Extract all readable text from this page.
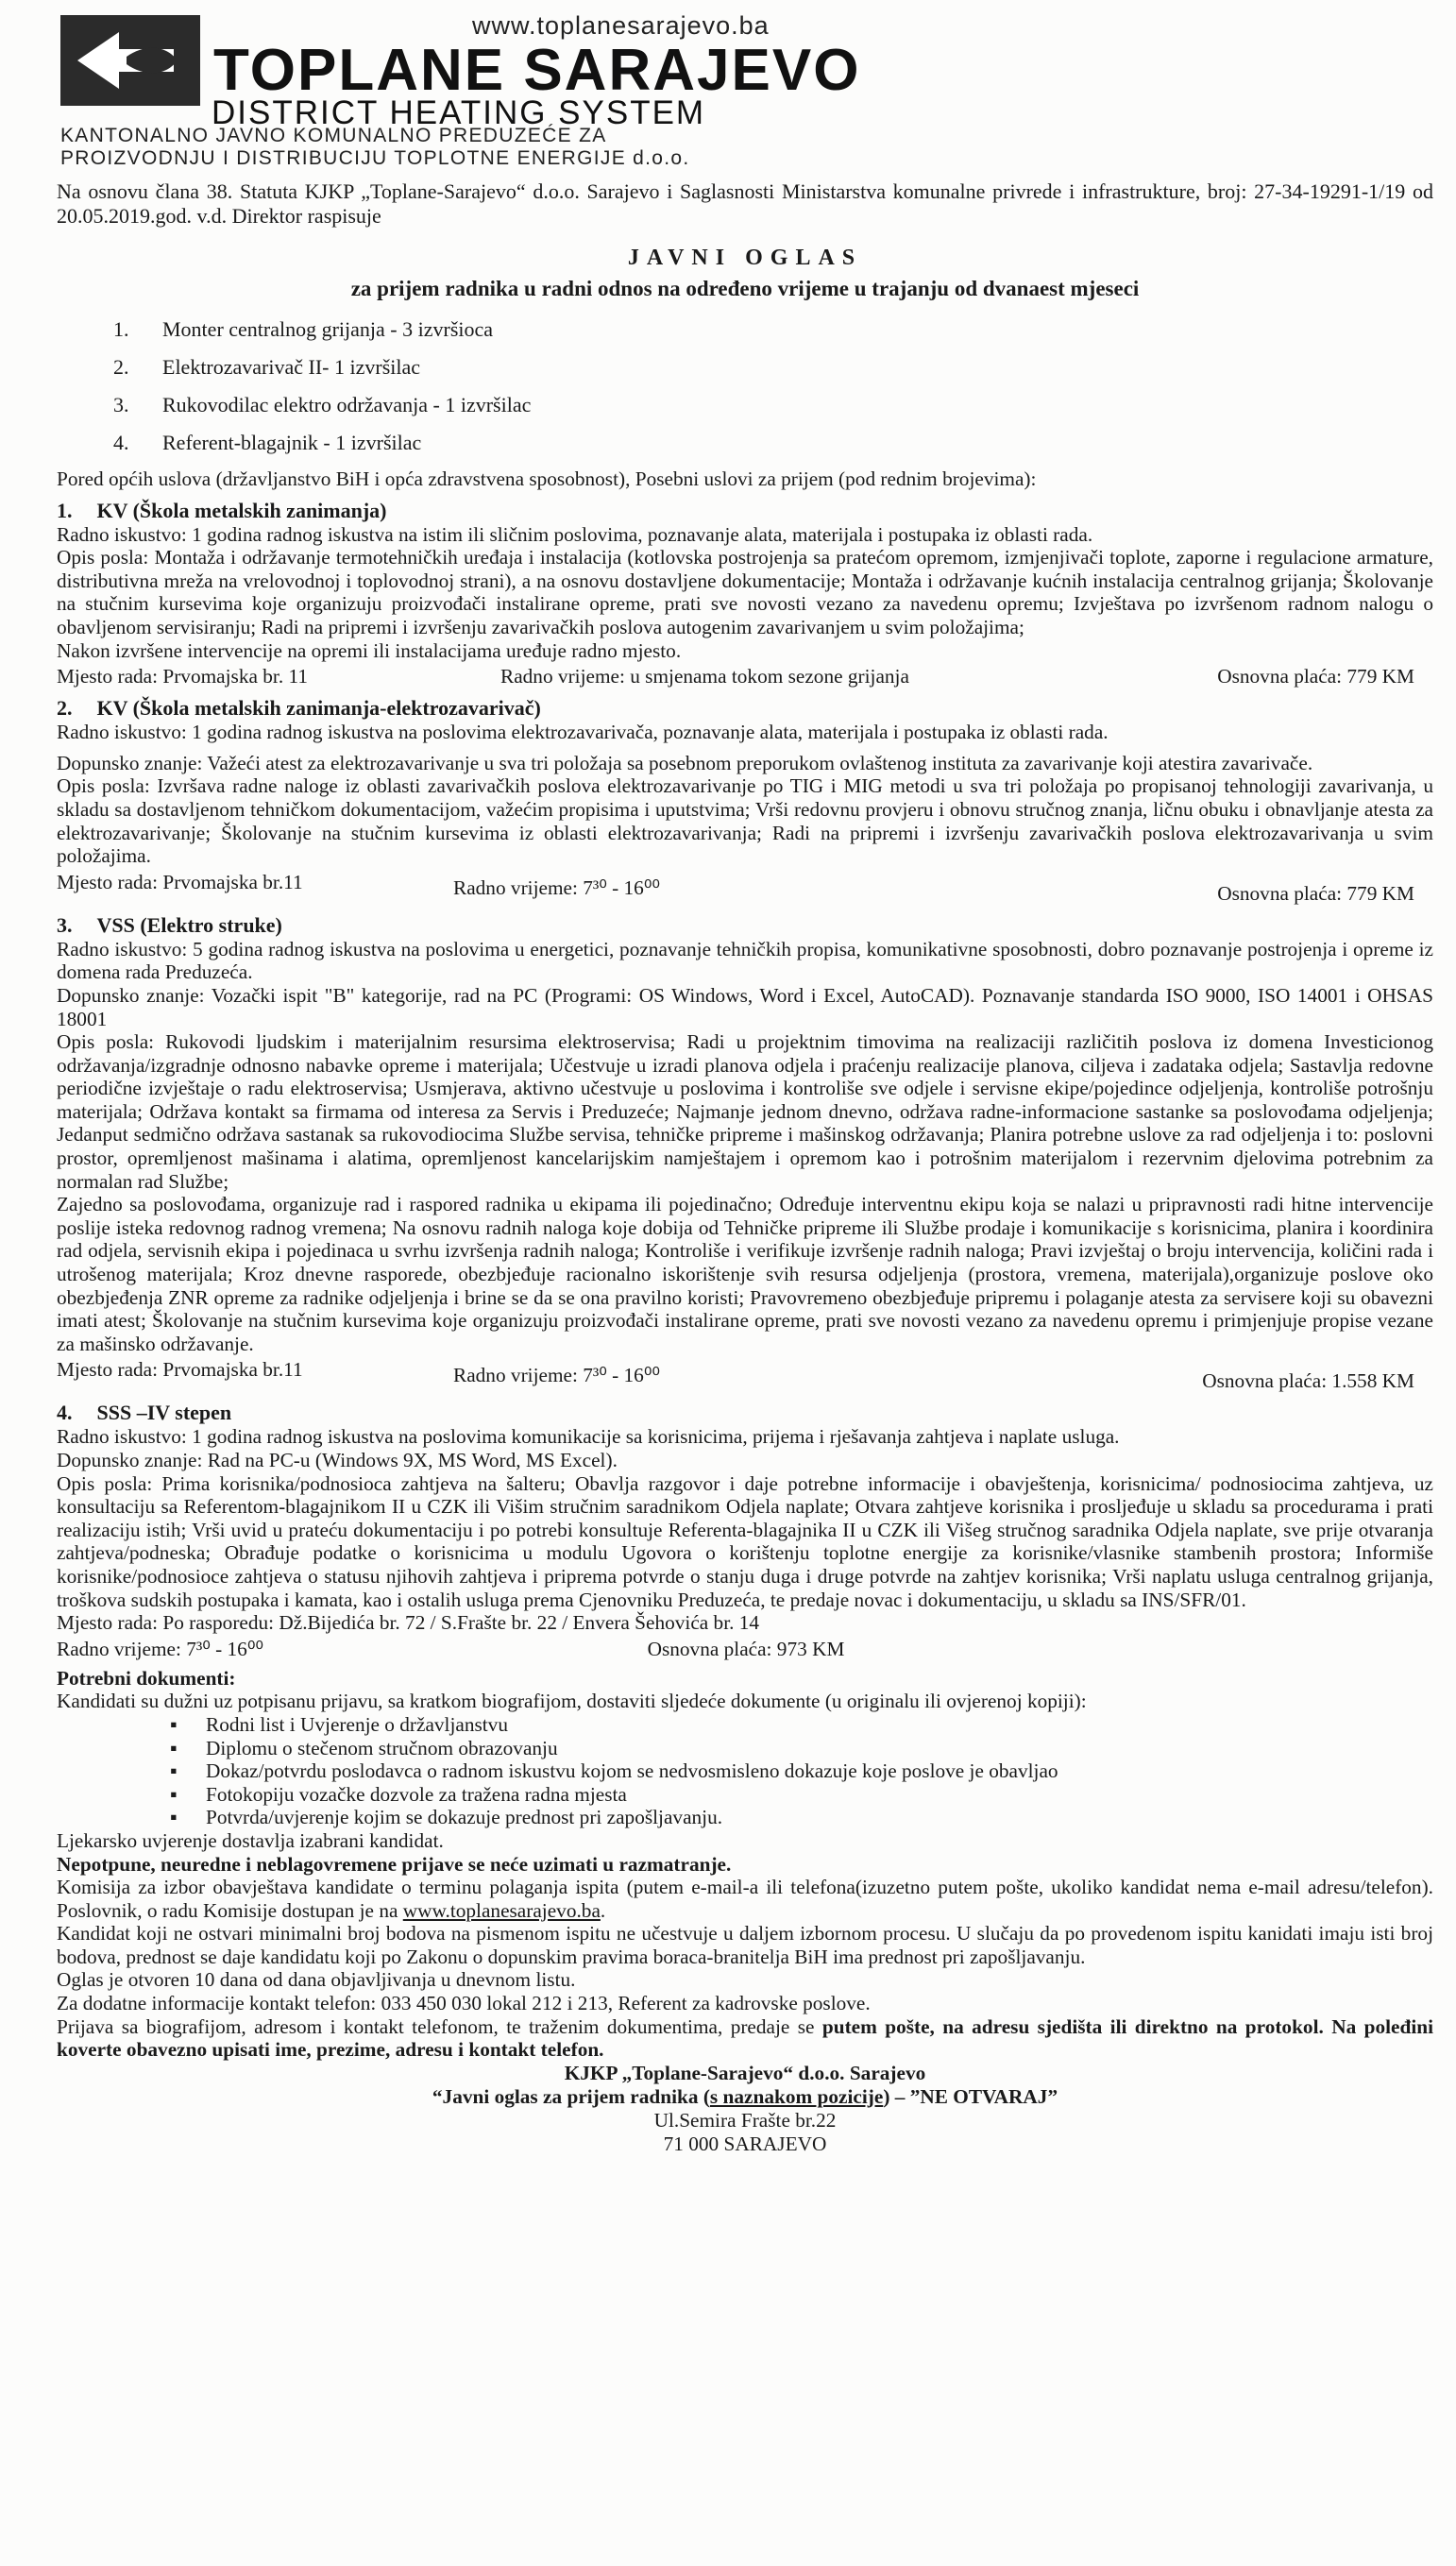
www.toplanesarajevo.ba
TOPLANE SARAJEVO
DISTRICT HEATING SYSTEM
KANTONALNO JAVNO KOMUNALNO PREDUZEĆE ZA
PROIZVODNJU I DISTRIBUCIJU TOPLOTNE ENERGIJE d.o.o.

Na osnovu člana 38. Statuta KJKP „Toplane-Sarajevo“ d.o.o. Sarajevo i Saglasnosti Ministarstva komunalne privrede i infrastrukture, broj: 27-34-19291-1/19 od 20.05.2019.god. v.d. Direktor raspisuje

JAVNI OGLAS
za prijem radnika u radni odnos na određeno vrijeme u trajanju od dvanaest mjeseci
1.	Monter centralnog grijanja - 3 izvršioca
2.	Elektrozavarivač II- 1 izvršilac
3.	Rukovodilac elektro održavanja - 1 izvršilac
4.	Referent-blagajnik - 1 izvršilac

Pored općih uslova (državljanstvo BiH i opća zdravstvena sposobnost), Posebni uslovi za prijem (pod rednim brojevima):

1. KV (Škola metalskih zanimanja)

Radno iskustvo: 1 godina radnog iskustva na istim ili sličnim poslovima, poznavanje alata, materijala i postupaka iz oblasti rada.

Opis posla: Montaža i održavanje termotehničkih uređaja i instalacija (kotlovska postrojenja sa pratećom opremom, izmjenjivači toplote, zaporne i regulacione armature, distributivna mreža na vrelovodnoj i toplovodnoj strani), a na osnovu dostavljene dokumentacije; Montaža i održavanje kućnih instalacija centralnog grijanja; Školovanje na stučnim kursevima koje organizuju proizvođači instalirane opreme, prati sve novosti vezano za navedenu opremu; Izvještava po izvršenom radnom nalogu o obavljenom servisiranju; Radi na pripremi i izvršenju zavarivačkih poslova autogenim zavarivanjem u svim položajima;

Nakon izvršene intervencije na opremi ili instalacijama uređuje radno mjesto.

Mjesto rada: Prvomajska br. 11	Radno vrijeme: u smjenama tokom sezone grijanja	Osnovna plaća: 779 KM
2. KV (Škola metalskih zanimanja-elektrozavarivač)

Radno iskustvo: 1 godina radnog iskustva na poslovima elektrozavarivača, poznavanje alata, materijala i postupaka iz oblasti rada.

Dopunsko znanje: Važeći atest za elektrozavarivanje u sva tri položaja sa posebnom preporukom ovlaštenog instituta za zavarivanje koji atestira zavarivače.

Opis posla: Izvršava radne naloge iz oblasti zavarivačkih poslova elektrozavarivanje po TIG i MIG metodi u sva tri položaja po propisanoj tehnologiji zavarivanja, u skladu sa dostavljenom tehničkom dokumentacijom, važećim propisima i uputstvima; Vrši redovnu provjeru i obnovu stručnog znanja, ličnu obuku i obnavljanje atesta za elektrozavarivanje; Školovanje na stučnim kursevima iz oblasti elektrozavarivanja; Radi na pripremi i izvršenju zavarivačkih poslova elektrozavarivanja u svim položajima.

Mjesto rada: Prvomajska br.11	Radno vrijeme: 7³⁰ - 16⁰⁰	Osnovna plaća: 779 KM
3. VSS (Elektro struke)

Radno iskustvo: 5 godina radnog iskustva na poslovima u energetici, poznavanje tehničkih propisa, komunikativne sposobnosti, dobro poznavanje postrojenja i opreme iz domena rada Preduzeća.

Dopunsko znanje: Vozački ispit "B" kategorije, rad na PC (Programi: OS Windows, Word i Excel, AutoCAD). Poznavanje standarda ISO 9000, ISO 14001 i OHSAS 18001

Opis posla: Rukovodi ljudskim i materijalnim resursima elektroservisa; Radi u projektnim timovima na realizaciji različitih poslova iz domena Investicionog održavanja/izgradnje odnosno nabavke opreme i materijala; Učestvuje u izradi planova odjela i praćenju realizacije planova, ciljeva i zadataka odjela; Sastavlja redovne periodične izvještaje o radu elektroservisa; Usmjerava, aktivno učestvuje u poslovima i kontroliše sve odjele i servisne ekipe/pojedince odjeljenja, kontroliše potrošnju materijala; Održava kontakt sa firmama od interesa za Servis i Preduzeće; Najmanje jednom dnevno, održava radne-informacione sastanke sa poslovođama odjeljenja; Jedanput sedmično održava sastanak sa rukovodiocima Službe servisa, tehničke pripreme i mašinskog održavanja; Planira potrebne uslove za rad odjeljenja i to: poslovni prostor, opremljenost mašinama i alatima, opremljenost kancelarijskim namještajem i opremom kao i potrošnim materijalom i rezervnim djelovima potrebnim za normalan rad Službe;

Zajedno sa poslovođama, organizuje rad i raspored radnika u ekipama ili pojedinačno; Određuje interventnu ekipu koja se nalazi u pripravnosti radi hitne intervencije poslije isteka redovnog radnog vremena; Na osnovu radnih naloga koje dobija od Tehničke pripreme ili Službe prodaje i komunikacije s korisnicima, planira i koordinira rad odjela, servisnih ekipa i pojedinaca u svrhu izvršenja radnih naloga; Kontroliše i verifikuje izvršenje radnih naloga; Pravi izvještaj o broju intervencija, količini rada i utrošenog materijala; Kroz dnevne rasporede, obezbjeđuje racionalno iskorištenje svih resursa odjeljenja (prostora, vremena, materijala),organizuje poslove oko obezbjeđenja ZNR opreme za radnike odjeljenja i brine se da se ona pravilno koristi; Pravovremeno obezbjeđuje pripremu i polaganje atesta za servisere koji su obavezni imati atest; Školovanje na stučnim kursevima koje organizuju proizvođači instalirane opreme, prati sve novosti vezano za navedenu opremu i primjenjuje propise vezane za mašinsko održavanje.

Mjesto rada: Prvomajska br.11	Radno vrijeme: 7³⁰ - 16⁰⁰	Osnovna plaća: 1.558 KM
4. SSS –IV stepen

Radno iskustvo: 1 godina radnog iskustva na poslovima komunikacije sa korisnicima, prijema i rješavanja zahtjeva i naplate usluga.

Dopunsko znanje: Rad na PC-u (Windows 9X, MS Word, MS Excel).

Opis posla: Prima korisnika/podnosioca zahtjeva na šalteru; Obavlja razgovor i daje potrebne informacije i obavještenja, korisnicima/ podnosiocima zahtjeva, uz konsultaciju sa Referentom-blagajnikom II u CZK ili Višim stručnim saradnikom Odjela naplate; Otvara zahtjeve korisnika i prosljeđuje u skladu sa procedurama i prati realizaciju istih; Vrši uvid u prateću dokumentaciju i po potrebi konsultuje Referenta-blagajnika II u CZK ili Višeg stručnog saradnika Odjela naplate, sve prije otvaranja zahtjeva/podneska; Obrađuje podatke o korisnicima u modulu Ugovora o korištenju toplotne energije za korisnike/vlasnike stambenih prostora; Informiše korisnike/podnosioce zahtjeva o statusu njihovih zahtjeva i priprema potvrde o stanju duga i druge potvrde na zahtjev korisnika; Vrši naplatu usluga centralnog grijanja, troškova sudskih postupaka i kamata, kao i ostalih usluga prema Cjenovniku Preduzeća, te predaje novac i dokumentaciju, u skladu sa INS/SFR/01.

Mjesto rada: Po rasporedu: Dž.Bijedića br. 72 / S.Frašte br. 22 / Envera Šehovića br. 14

Radno vrijeme: 7³⁰ - 16⁰⁰	Osnovna plaća: 973 KM
Potrebni dokumenti:

Kandidati su dužni uz potpisanu prijavu, sa kratkom biografijom, dostaviti sljedeće dokumente (u originalu ili ovjerenoj kopiji):

▪	Rodni list i Uvjerenje o državljanstvu
▪	Diplomu o stečenom stručnom obrazovanju
▪	Dokaz/potvrdu poslodavca o radnom iskustvu kojom se nedvosmisleno dokazuje koje poslove je obavljao
▪	Fotokopiju vozačke dozvole za tražena radna mjesta
▪	Potvrda/uvjerenje kojim se dokazuje prednost pri zapošljavanju.

Ljekarsko uvjerenje dostavlja izabrani kandidat.

Nepotpune, neuredne i neblagovremene prijave se neće uzimati u razmatranje.

Komisija za izbor obavještava kandidate o terminu polaganja ispita (putem e-mail-a ili telefona(izuzetno putem pošte, ukoliko kandidat nema e-mail adresu/telefon). Poslovnik, o radu Komisije dostupan je na www.toplanesarajevo.ba.

Kandidat koji ne ostvari minimalni broj bodova na pismenom ispitu ne učestvuje u daljem izbornom procesu. U slučaju da po provedenom ispitu kanidati imaju isti broj bodova, prednost se daje kandidatu koji po Zakonu o dopunskim pravima boraca-branitelja BiH ima prednost pri zapošljavanju.

Oglas je otvoren 10 dana od dana objavljivanja u dnevnom listu.

Za dodatne informacije kontakt telefon: 033 450 030 lokal 212 i 213, Referent za kadrovske poslove.

Prijava sa biografijom, adresom i kontakt telefonom, te traženim dokumentima, predaje se putem pošte, na adresu sjedišta ili direktno na protokol. Na poleđini koverte obavezno upisati ime, prezime, adresu i kontakt telefon.

KJKP „Toplane-Sarajevo“ d.o.o. Sarajevo
“Javni oglas za prijem radnika (s naznakom pozicije) – ”NE OTVARAJ”
Ul.Semira Frašte br.22
71 000 SARAJEVO
